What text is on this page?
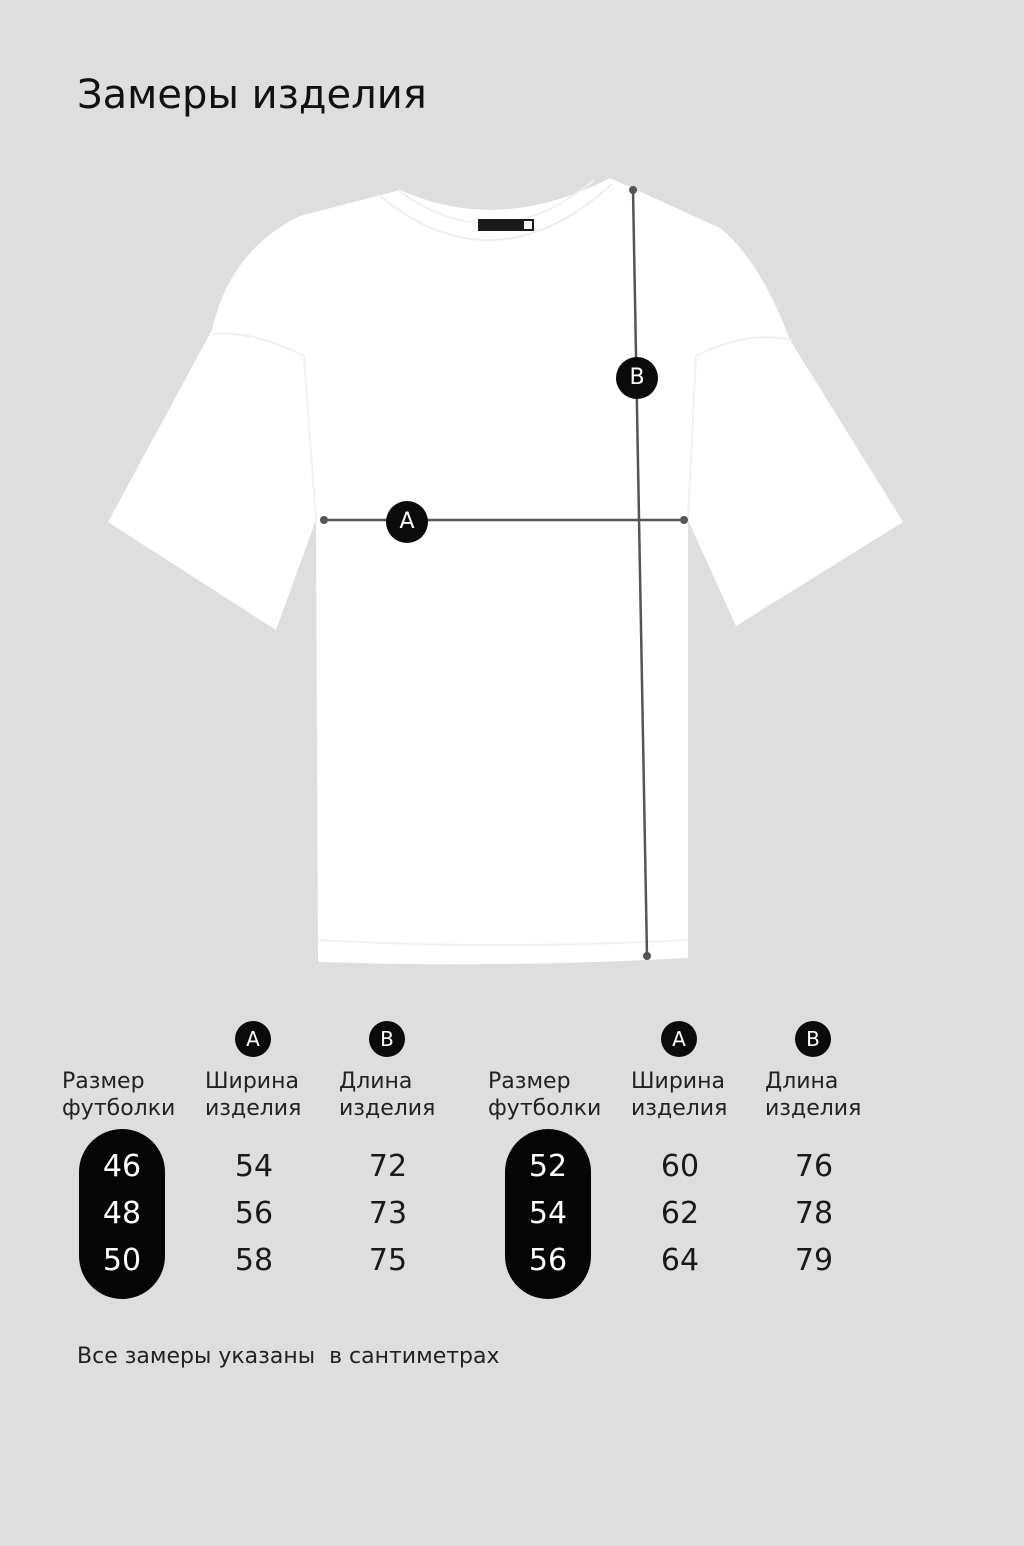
Замеры изделия
A
B
A	B
Размер
футболки
Ширина
изделия
Длина
изделия
46
48
50
54
56
58
72
73
75
A	B
Размер
футболки
Ширина
изделия
Длина
изделия
52
54
56
60
62
64
76
78
79
Все замеры указаны  в сантиметрах
